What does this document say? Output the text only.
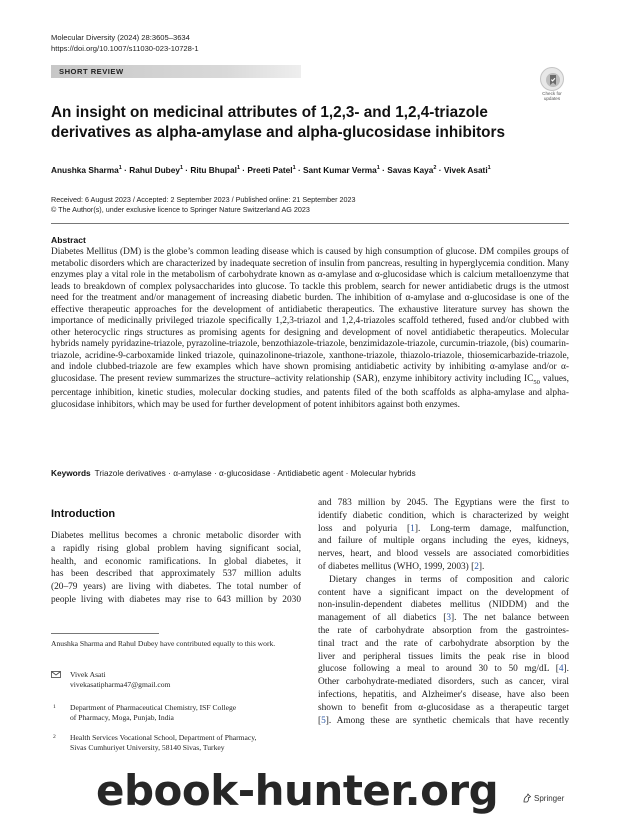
Molecular Diversity (2024) 28:3605–3634
https://doi.org/10.1007/s11030-023-10728-1
SHORT REVIEW
Check for
updates
An insight on medicinal attributes of 1,2,3- and 1,2,4-triazole
derivatives as alpha-amylase and alpha-glucosidase inhibitors
Anushka Sharma$^1$ · Rahul Dubey$^1$ · Ritu Bhupal$^1$ · Preeti Patel$^1$ · Sant Kumar Verma$^1$ · Savas Kaya$^2$ · Vivek Asati$^1$
Received: 6 August 2023 / Accepted: 2 September 2023 / Published online: 21 September 2023
© The Author(s), under exclusive licence to Springer Nature Switzerland AG 2023
Abstract
Diabetes Mellitus (DM) is the globe’s common leading disease which is caused by high consumption of glucose. DM compiles groups of metabolic disorders which are characterized by inadequate secretion of insulin from pancreas, resulting in hyperglycemia condition. Many enzymes play a vital role in the metabolism of carbohydrate known as α-amylase and α-glucosidase which is calcium metalloenzyme that leads to breakdown of complex polysaccharides into glucose. To tackle this problem, search for newer antidiabetic drugs is the utmost need for the treatment and/or management of increasing diabetic burden. The inhibition of α-amylase and α-glucosidase is one of the effective therapeutic approaches for the development of antidiabetic therapeutics. The exhaustive literature survey has shown the importance of medicinally privileged triazole specifically 1,2,3-triazol and 1,2,4-triazoles scaffold tethered, fused and/or clubbed with other heterocyclic rings structures as promising agents for designing and development of novel antidiabetic therapeutics. Molecular hybrids namely pyridazine-triazole, pyrazoline-triazole, benzothiazole-triazole, benzimidazole-triazole, curcumin-triazole, (bis) coumarin-triazole, acridine-9-carboxamide linked triazole, quinazolinone-triazole, xanthone-triazole, thiazolo-triazole, thiosemicarbazide-triazole, and indole clubbed-triazole are few examples which have shown promising antidiabetic activity by inhibiting α-amylase and/or α-glucosidase. The present review summarizes the structure–activity relationship (SAR), enzyme inhibitory activity including $IC_{50}$ values, percentage inhibition, kinetic studies, molecular docking studies, and patents filed of the both scaffolds as alpha-amylase and alpha-glucosidase inhibitors, which may be used for further development of potent inhibitors against both enzymes.
Keywords Triazole derivatives · α-amylase · α-glucosidase · Antidiabetic agent · Molecular hybrids
Introduction
Diabetes mellitus becomes a chronic metabolic disorder with
a rapidly rising global problem having significant social,
health, and economic ramifications. In global diabetes, it
has been described that approximately 537 million adults
(20–79 years) are living with diabetes. The total number of
people living with diabetes may rise to 643 million by 2030
and 783 million by 2045. The Egyptians were the first to
identify diabetic condition, which is characterized by weight
loss and polyuria [1]. Long-term damage, malfunction,
and failure of multiple organs including the eyes, kidneys,
nerves, heart, and blood vessels are associated comorbidities
of diabetes mellitus (WHO, 1999, 2003) [2].
Dietary changes in terms of composition and caloric
content have a significant impact on the development of
non-insulin-dependent diabetes mellitus (NIDDM) and the
management of all diabetics [3]. The net balance between
the rate of carbohydrate absorption from the gastrointes-
tinal tract and the rate of carbohydrate absorption by the
liver and peripheral tissues limits the peak rise in blood
glucose following a meal to around 30 to 50 mg/dL [4].
Other carbohydrate-mediated disorders, such as cancer, viral
infections, hepatitis, and Alzheimer's disease, have also been
shown to benefit from α-glucosidase as a therapeutic target
[5]. Among these are synthetic chemicals that have recently
Anushka Sharma and Rahul Dubey have contributed equally to this work.
Vivek Asati
vivekasatipharma47@gmail.com
1 Department of Pharmaceutical Chemistry, ISF College
of Pharmacy, Moga, Punjab, India
2 Health Services Vocational School, Department of Pharmacy,
Sivas Cumhuriyet University, 58140 Sivas, Turkey
Springer
ebook-hunter.org
